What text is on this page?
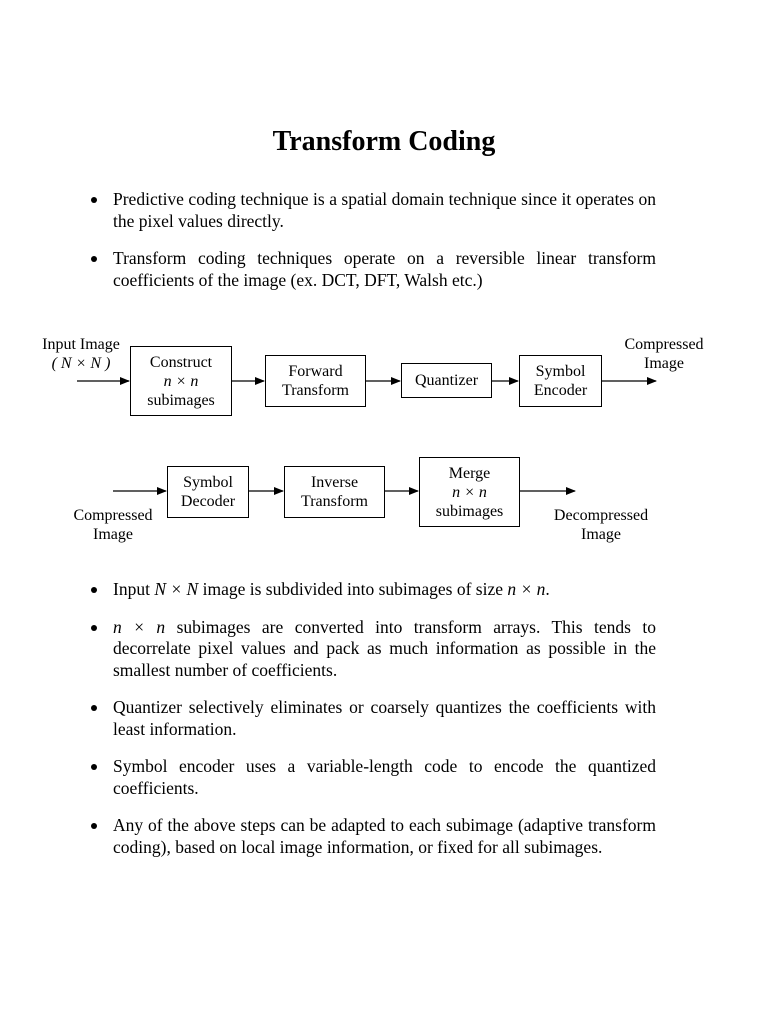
Transform Coding
Predictive coding technique is a spatial domain technique since it operates on the pixel values directly.
Transform coding techniques operate on a reversible linear transform coefficients of the image (ex. DCT, DFT, Walsh etc.)
Input Image
( N × N )	Construct
n × n
subimages
Forward
Transform
Quantizer
Symbol
Encoder
Compressed
Image
Compressed
Image
Symbol
Decoder
Inverse
Transform
Merge
n × n
subimages	Decompressed
Image
Input N × N image is subdivided into subimages of size n × n.
n × n subimages are converted into transform arrays. This tends to decorrelate pixel values and pack as much information as possible in the smallest number of coefficients.
Quantizer selectively eliminates or coarsely quantizes the coefficients with least information.
Symbol encoder uses a variable-length code to encode the quantized coefficients.
Any of the above steps can be adapted to each subimage (adaptive transform coding), based on local image information, or fixed for all subimages.
